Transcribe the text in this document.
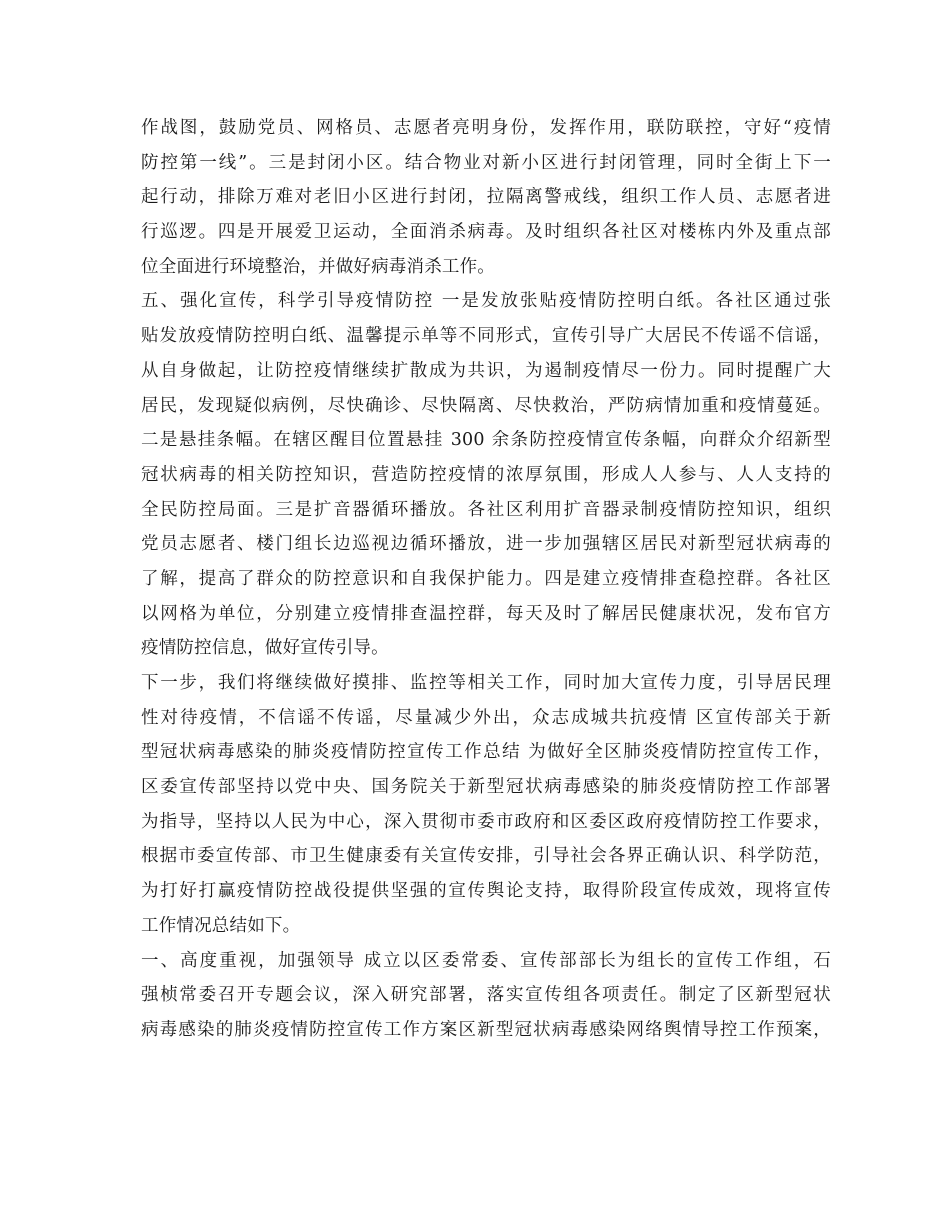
作战图，鼓励党员、网格员、志愿者亮明身份，发挥作用，联防联控，守好“疫情
防控第一线”。三是封闭小区。结合物业对新小区进行封闭管理，同时全街上下一
起行动，排除万难对老旧小区进行封闭，拉隔离警戒线，组织工作人员、志愿者进
行巡逻。四是开展爱卫运动，全面消杀病毒。及时组织各社区对楼栋内外及重点部
位全面进行环境整治，并做好病毒消杀工作。
五、强化宣传，科学引导疫情防控 一是发放张贴疫情防控明白纸。各社区通过张
贴发放疫情防控明白纸、温馨提示单等不同形式，宣传引导广大居民不传谣不信谣，
从自身做起，让防控疫情继续扩散成为共识，为遏制疫情尽一份力。同时提醒广大
居民，发现疑似病例，尽快确诊、尽快隔离、尽快救治，严防病情加重和疫情蔓延。
二是悬挂条幅。在辖区醒目位置悬挂 300 余条防控疫情宣传条幅，向群众介绍新型
冠状病毒的相关防控知识，营造防控疫情的浓厚氛围，形成人人参与、人人支持的
全民防控局面。三是扩音器循环播放。各社区利用扩音器录制疫情防控知识，组织
党员志愿者、楼门组长边巡视边循环播放，进一步加强辖区居民对新型冠状病毒的
了解，提高了群众的防控意识和自我保护能力。四是建立疫情排查稳控群。各社区
以网格为单位，分别建立疫情排查温控群，每天及时了解居民健康状况，发布官方
疫情防控信息，做好宣传引导。
下一步，我们将继续做好摸排、监控等相关工作，同时加大宣传力度，引导居民理
性对待疫情，不信谣不传谣，尽量减少外出，众志成城共抗疫情 区宣传部关于新
型冠状病毒感染的肺炎疫情防控宣传工作总结 为做好全区肺炎疫情防控宣传工作，
区委宣传部坚持以党中央、国务院关于新型冠状病毒感染的肺炎疫情防控工作部署
为指导，坚持以人民为中心，深入贯彻市委市政府和区委区政府疫情防控工作要求，
根据市委宣传部、市卫生健康委有关宣传安排，引导社会各界正确认识、科学防范，
为打好打赢疫情防控战役提供坚强的宣传舆论支持，取得阶段宣传成效，现将宣传
工作情况总结如下。
一、高度重视，加强领导 成立以区委常委、宣传部部长为组长的宣传工作组，石
强桢常委召开专题会议，深入研究部署，落实宣传组各项责任。制定了区新型冠状
病毒感染的肺炎疫情防控宣传工作方案区新型冠状病毒感染网络舆情导控工作预案，
